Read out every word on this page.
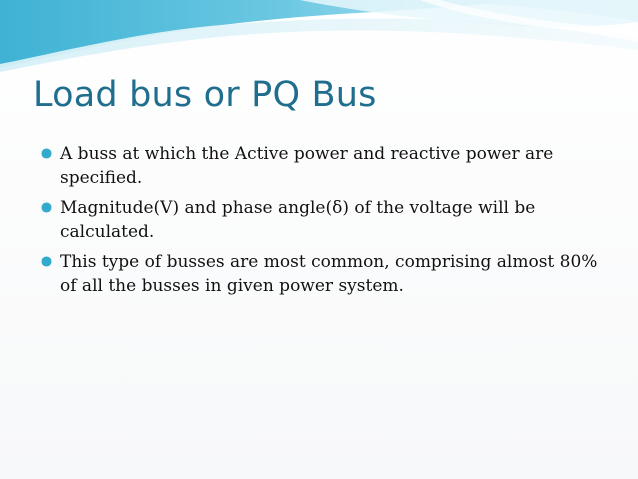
Load bus or PQ Bus
A buss at which the Active power and reactive power are specified.
Magnitude(V) and phase angle(δ) of the voltage will be calculated.
This type of busses are most common, comprising almost 80% of all the busses in given power system.
